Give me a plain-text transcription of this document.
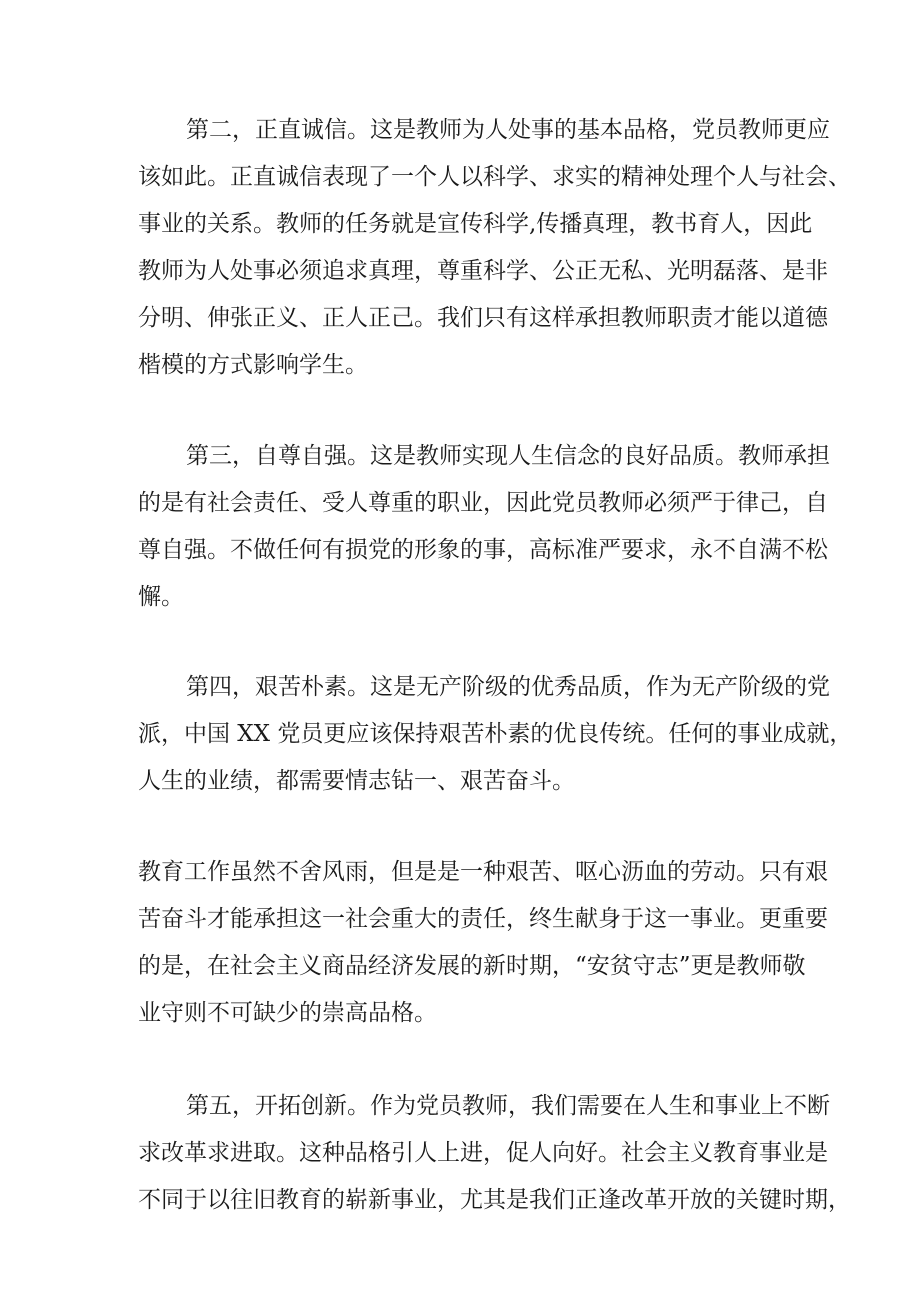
第二，正直诚信。这是教师为人处事的基本品格，党员教师更应
该如此。正直诚信表现了一个人以科学、求实的精神处理个人与社会、
事业的关系。教师的任务就是宣传科学,传播真理，教书育人，因此
教师为人处事必须追求真理，尊重科学、公正无私、光明磊落、是非
分明、伸张正义、正人正己。我们只有这样承担教师职责才能以道德
楷模的方式影响学生。
第三，自尊自强。这是教师实现人生信念的良好品质。教师承担
的是有社会责任、受人尊重的职业，因此党员教师必须严于律己，自
尊自强。不做任何有损党的形象的事，高标准严要求，永不自满不松
懈。
第四，艰苦朴素。这是无产阶级的优秀品质，作为无产阶级的党
派，中国 XX 党员更应该保持艰苦朴素的优良传统。任何的事业成就，
人生的业绩，都需要情志钻一、艰苦奋斗。
教育工作虽然不舍风雨，但是是一种艰苦、呕心沥血的劳动。只有艰
苦奋斗才能承担这一社会重大的责任，终生献身于这一事业。更重要
的是，在社会主义商品经济发展的新时期，“安贫守志”更是教师敬
业守则不可缺少的崇高品格。
第五，开拓创新。作为党员教师，我们需要在人生和事业上不断
求改革求进取。这种品格引人上进，促人向好。社会主义教育事业是
不同于以往旧教育的崭新事业，尤其是我们正逢改革开放的关键时期，
